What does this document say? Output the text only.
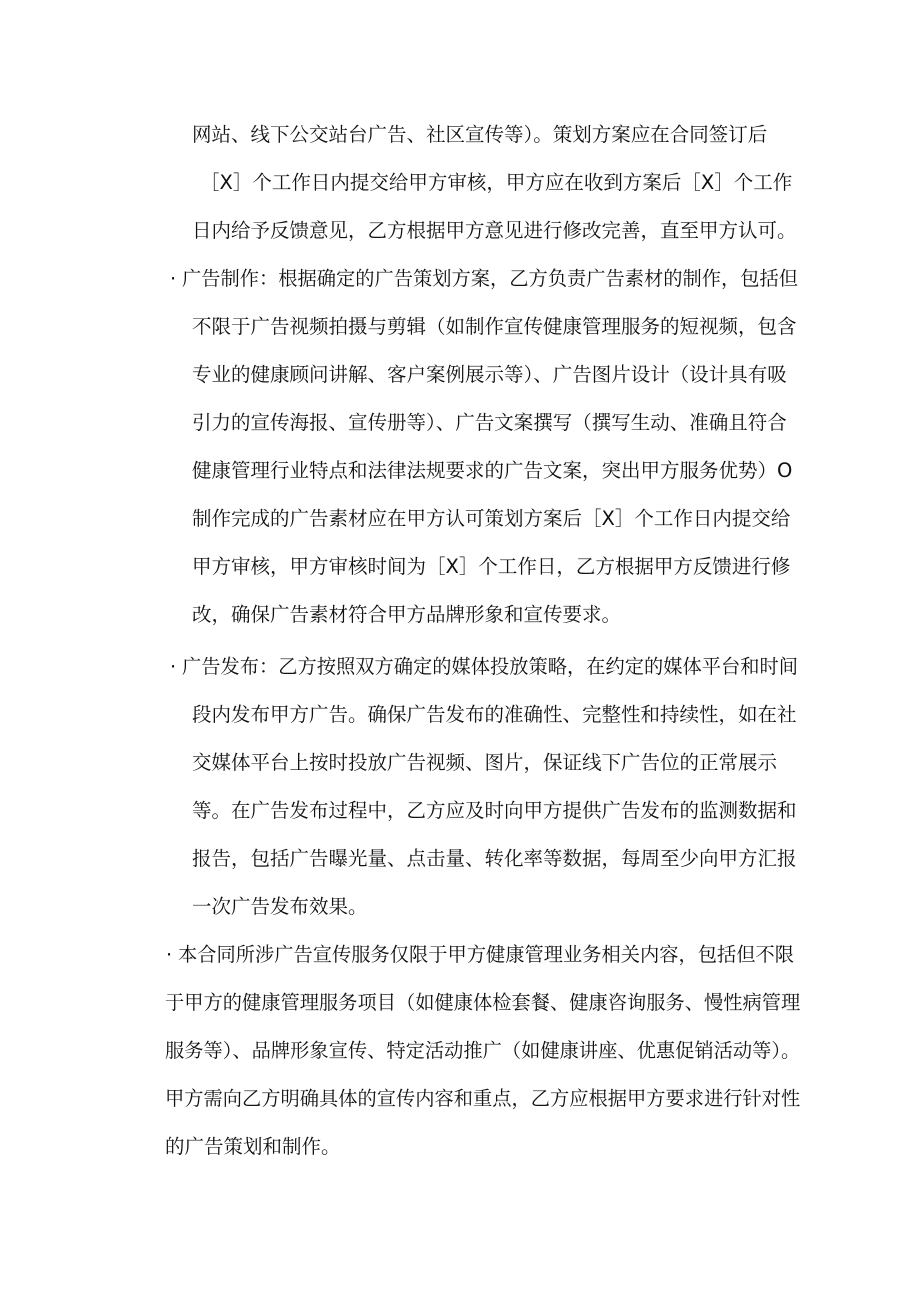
网站、线下公交站台广告、社区宣传等）。策划方案应在合同签订后
［X］个工作日内提交给甲方审核，甲方应在收到方案后［X］个工作
日内给予反馈意见，乙方根据甲方意见进行修改完善，直至甲方认可。
· 广告制作：根据确定的广告策划方案，乙方负责广告素材的制作，包括但
不限于广告视频拍摄与剪辑（如制作宣传健康管理服务的短视频，包含
专业的健康顾问讲解、客户案例展示等）、广告图片设计（设计具有吸
引力的宣传海报、宣传册等）、广告文案撰写（撰写生动、准确且符合
健康管理行业特点和法律法规要求的广告文案，突出甲方服务优势）O
制作完成的广告素材应在甲方认可策划方案后［X］个工作日内提交给
甲方审核，甲方审核时间为［X］个工作日，乙方根据甲方反馈进行修
改，确保广告素材符合甲方品牌形象和宣传要求。
· 广告发布：乙方按照双方确定的媒体投放策略，在约定的媒体平台和时间
段内发布甲方广告。确保广告发布的准确性、完整性和持续性，如在社
交媒体平台上按时投放广告视频、图片，保证线下广告位的正常展示
等。在广告发布过程中，乙方应及时向甲方提供广告发布的监测数据和
报告，包括广告曝光量、点击量、转化率等数据，每周至少向甲方汇报
一次广告发布效果。
· 本合同所涉广告宣传服务仅限于甲方健康管理业务相关内容，包括但不限
于甲方的健康管理服务项目（如健康体检套餐、健康咨询服务、慢性病管理
服务等）、品牌形象宣传、特定活动推广（如健康讲座、优惠促销活动等）。
甲方需向乙方明确具体的宣传内容和重点，乙方应根据甲方要求进行针对性
的广告策划和制作。
